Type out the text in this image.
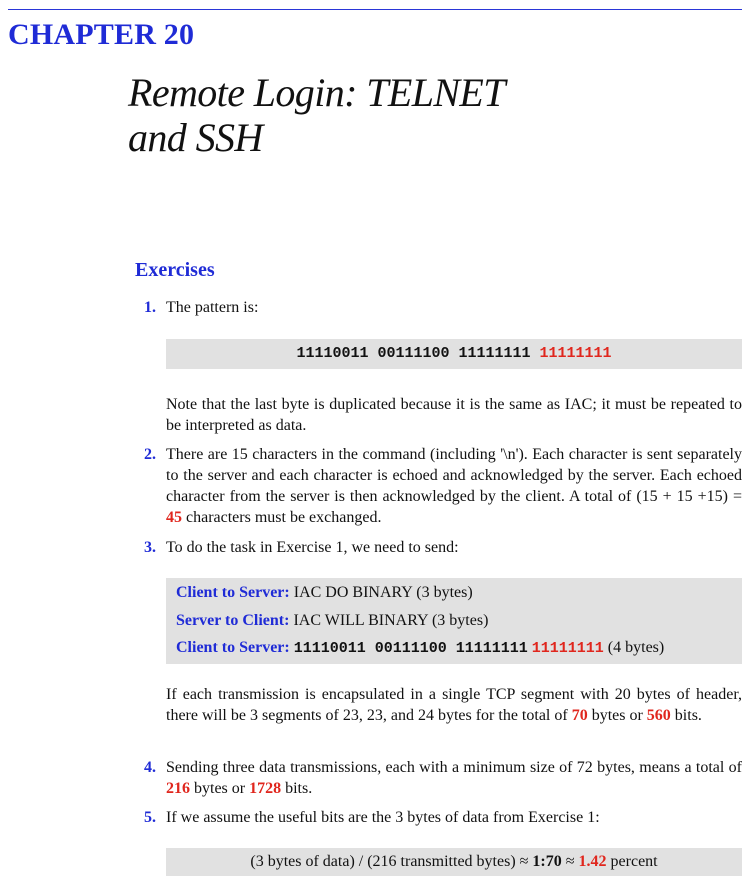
CHAPTER 20
Remote Login: TELNET
and SSH
Exercises
1. The pattern is:
11110011 00111100 11111111 11111111
Note that the last byte is duplicated because it is the same as IAC; it must be repeated to be interpreted as data.
2. There are 15 characters in the command (including '\n'). Each character is sent separately to the server and each character is echoed and acknowledged by the server. Each echoed character from the server is then acknowledged by the client. A total of (15 + 15 +15) = 45 characters must be exchanged.
3. To do the task in Exercise 1, we need to send:
Client to Server: IAC DO BINARY (3 bytes)
Server to Client: IAC WILL BINARY (3 bytes)
Client to Server: 11110011 00111100 11111111 11111111 (4 bytes)
If each transmission is encapsulated in a single TCP segment with 20 bytes of header, there will be 3 segments of 23, 23, and 24 bytes for the total of 70 bytes or 560 bits.
4. Sending three data transmissions, each with a minimum size of 72 bytes, means a total of 216 bytes or 1728 bits.
5. If we assume the useful bits are the 3 bytes of data from Exercise 1:
(3 bytes of data) / (216 transmitted bytes) ≈ 1:70 ≈ 1.42 percent
